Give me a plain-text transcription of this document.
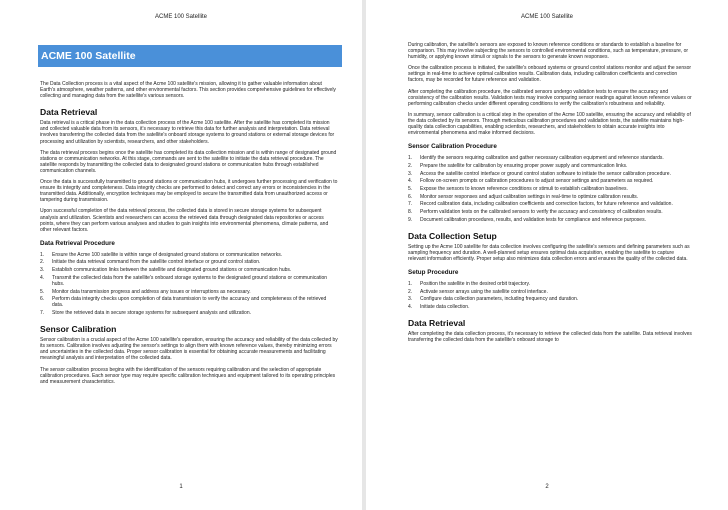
ACME 100 Satellite
ACME 100 Satellite

The Data Collection process is a vital aspect of the Acme 100 satellite's mission, allowing it to gather valuable information about Earth's atmosphere, weather patterns, and other environmental factors. This section provides comprehensive guidelines for effectively collecting and managing data from the satellite's various sensors.

Data Retrieval

Data retrieval is a critical phase in the data collection process of the Acme 100 satellite. After the satellite has completed its mission and collected valuable data from its sensors, it's necessary to retrieve this data for further analysis and interpretation. Data retrieval involves transferring the collected data from the satellite's onboard storage systems to ground stations or external storage devices for processing and utilization by scientists, researchers, and other stakeholders.

The data retrieval process begins once the satellite has completed its data collection mission and is within range of designated ground stations or communication networks. At this stage, commands are sent to the satellite to initiate the data retrieval procedure. The satellite responds by transmitting the collected data to designated ground stations or communication hubs through established communication channels.

Once the data is successfully transmitted to ground stations or communication hubs, it undergoes further processing and verification to ensure its integrity and completeness. Data integrity checks are performed to detect and correct any errors or inconsistencies in the transmitted data. Additionally, encryption techniques may be employed to secure the transmitted data from unauthorized access or tampering during transmission.

Upon successful completion of the data retrieval process, the collected data is stored in secure storage systems for subsequent analysis and utilization. Scientists and researchers can access the retrieved data through designated data repositories or access points, where they can perform various analyses and studies to gain insights into environmental phenomena, climate patterns, and other relevant factors.

Data Retrieval Procedure
1. Ensure the Acme 100 satellite is within range of designated ground stations or communication networks.
2. Initiate the data retrieval command from the satellite control interface or ground control station.
3. Establish communication links between the satellite and designated ground stations or communication hubs.
4. Transmit the collected data from the satellite's onboard storage systems to the designated ground stations or communication hubs.
5. Monitor data transmission progress and address any issues or interruptions as necessary.
6. Perform data integrity checks upon completion of data transmission to verify the accuracy and completeness of the retrieved data.
7. Store the retrieved data in secure storage systems for subsequent analysis and utilization.
Sensor Calibration

Sensor calibration is a crucial aspect of the Acme 100 satellite's operation, ensuring the accuracy and reliability of the data collected by its sensors. Calibration involves adjusting the sensor's settings to align them with known reference values, thereby minimizing errors and uncertainties in the collected data. Proper sensor calibration is essential for obtaining accurate measurements and facilitating meaningful analysis and interpretation of the collected data.

The sensor calibration process begins with the identification of the sensors requiring calibration and the selection of appropriate calibration procedures. Each sensor type may require specific calibration techniques and equipment tailored to its operating principles and measurement characteristics.

1
ACME 100 Satellite

During calibration, the satellite's sensors are exposed to known reference conditions or standards to establish a baseline for comparison. This may involve subjecting the sensors to controlled environmental conditions, such as temperature, pressure, or humidity, or applying known stimuli or signals to the sensors to generate known responses.

Once the calibration process is initiated, the satellite's onboard systems or ground control stations monitor and adjust the sensor settings in real-time to achieve optimal calibration results. Calibration data, including calibration coefficients and correction factors, may be recorded for future reference and validation.

After completing the calibration procedure, the calibrated sensors undergo validation tests to ensure the accuracy and consistency of the calibration results. Validation tests may involve comparing sensor readings against known reference values or performing calibration checks under different operating conditions to verify the calibration's robustness and reliability.

In summary, sensor calibration is a critical step in the operation of the Acme 100 satellite, ensuring the accuracy and reliability of the data collected by its sensors. Through meticulous calibration procedures and validation tests, the satellite maintains high-quality data collection capabilities, enabling scientists, researchers, and stakeholders to obtain accurate insights into environmental phenomena and make informed decisions.

Sensor Calibration Procedure
1. Identify the sensors requiring calibration and gather necessary calibration equipment and reference standards.
2. Prepare the satellite for calibration by ensuring proper power supply and communication links.
3. Access the satellite control interface or ground control station software to initiate the sensor calibration procedure.
4. Follow on-screen prompts or calibration procedures to adjust sensor settings and parameters as required.
5. Expose the sensors to known reference conditions or stimuli to establish calibration baselines.
6. Monitor sensor responses and adjust calibration settings in real-time to optimize calibration results.
7. Record calibration data, including calibration coefficients and correction factors, for future reference and validation.
8. Perform validation tests on the calibrated sensors to verify the accuracy and consistency of calibration results.
9. Document calibration procedures, results, and validation tests for compliance and reference purposes.
Data Collection Setup

Setting up the Acme 100 satellite for data collection involves configuring the satellite's sensors and defining parameters such as sampling frequency and duration. A well-planned setup ensures optimal data acquisition, enabling the satellite to capture relevant information efficiently. Proper setup also minimizes data collection errors and ensures the quality of the collected data.

Setup Procedure
1. Position the satellite in the desired orbit trajectory.
2. Activate sensor arrays using the satellite control interface.
3. Configure data collection parameters, including frequency and duration.
4. Initiate data collection.
Data Retrieval

After completing the data collection process, it's necessary to retrieve the collected data from the satellite. Data retrieval involves transferring the collected data from the satellite's onboard storage to

2
